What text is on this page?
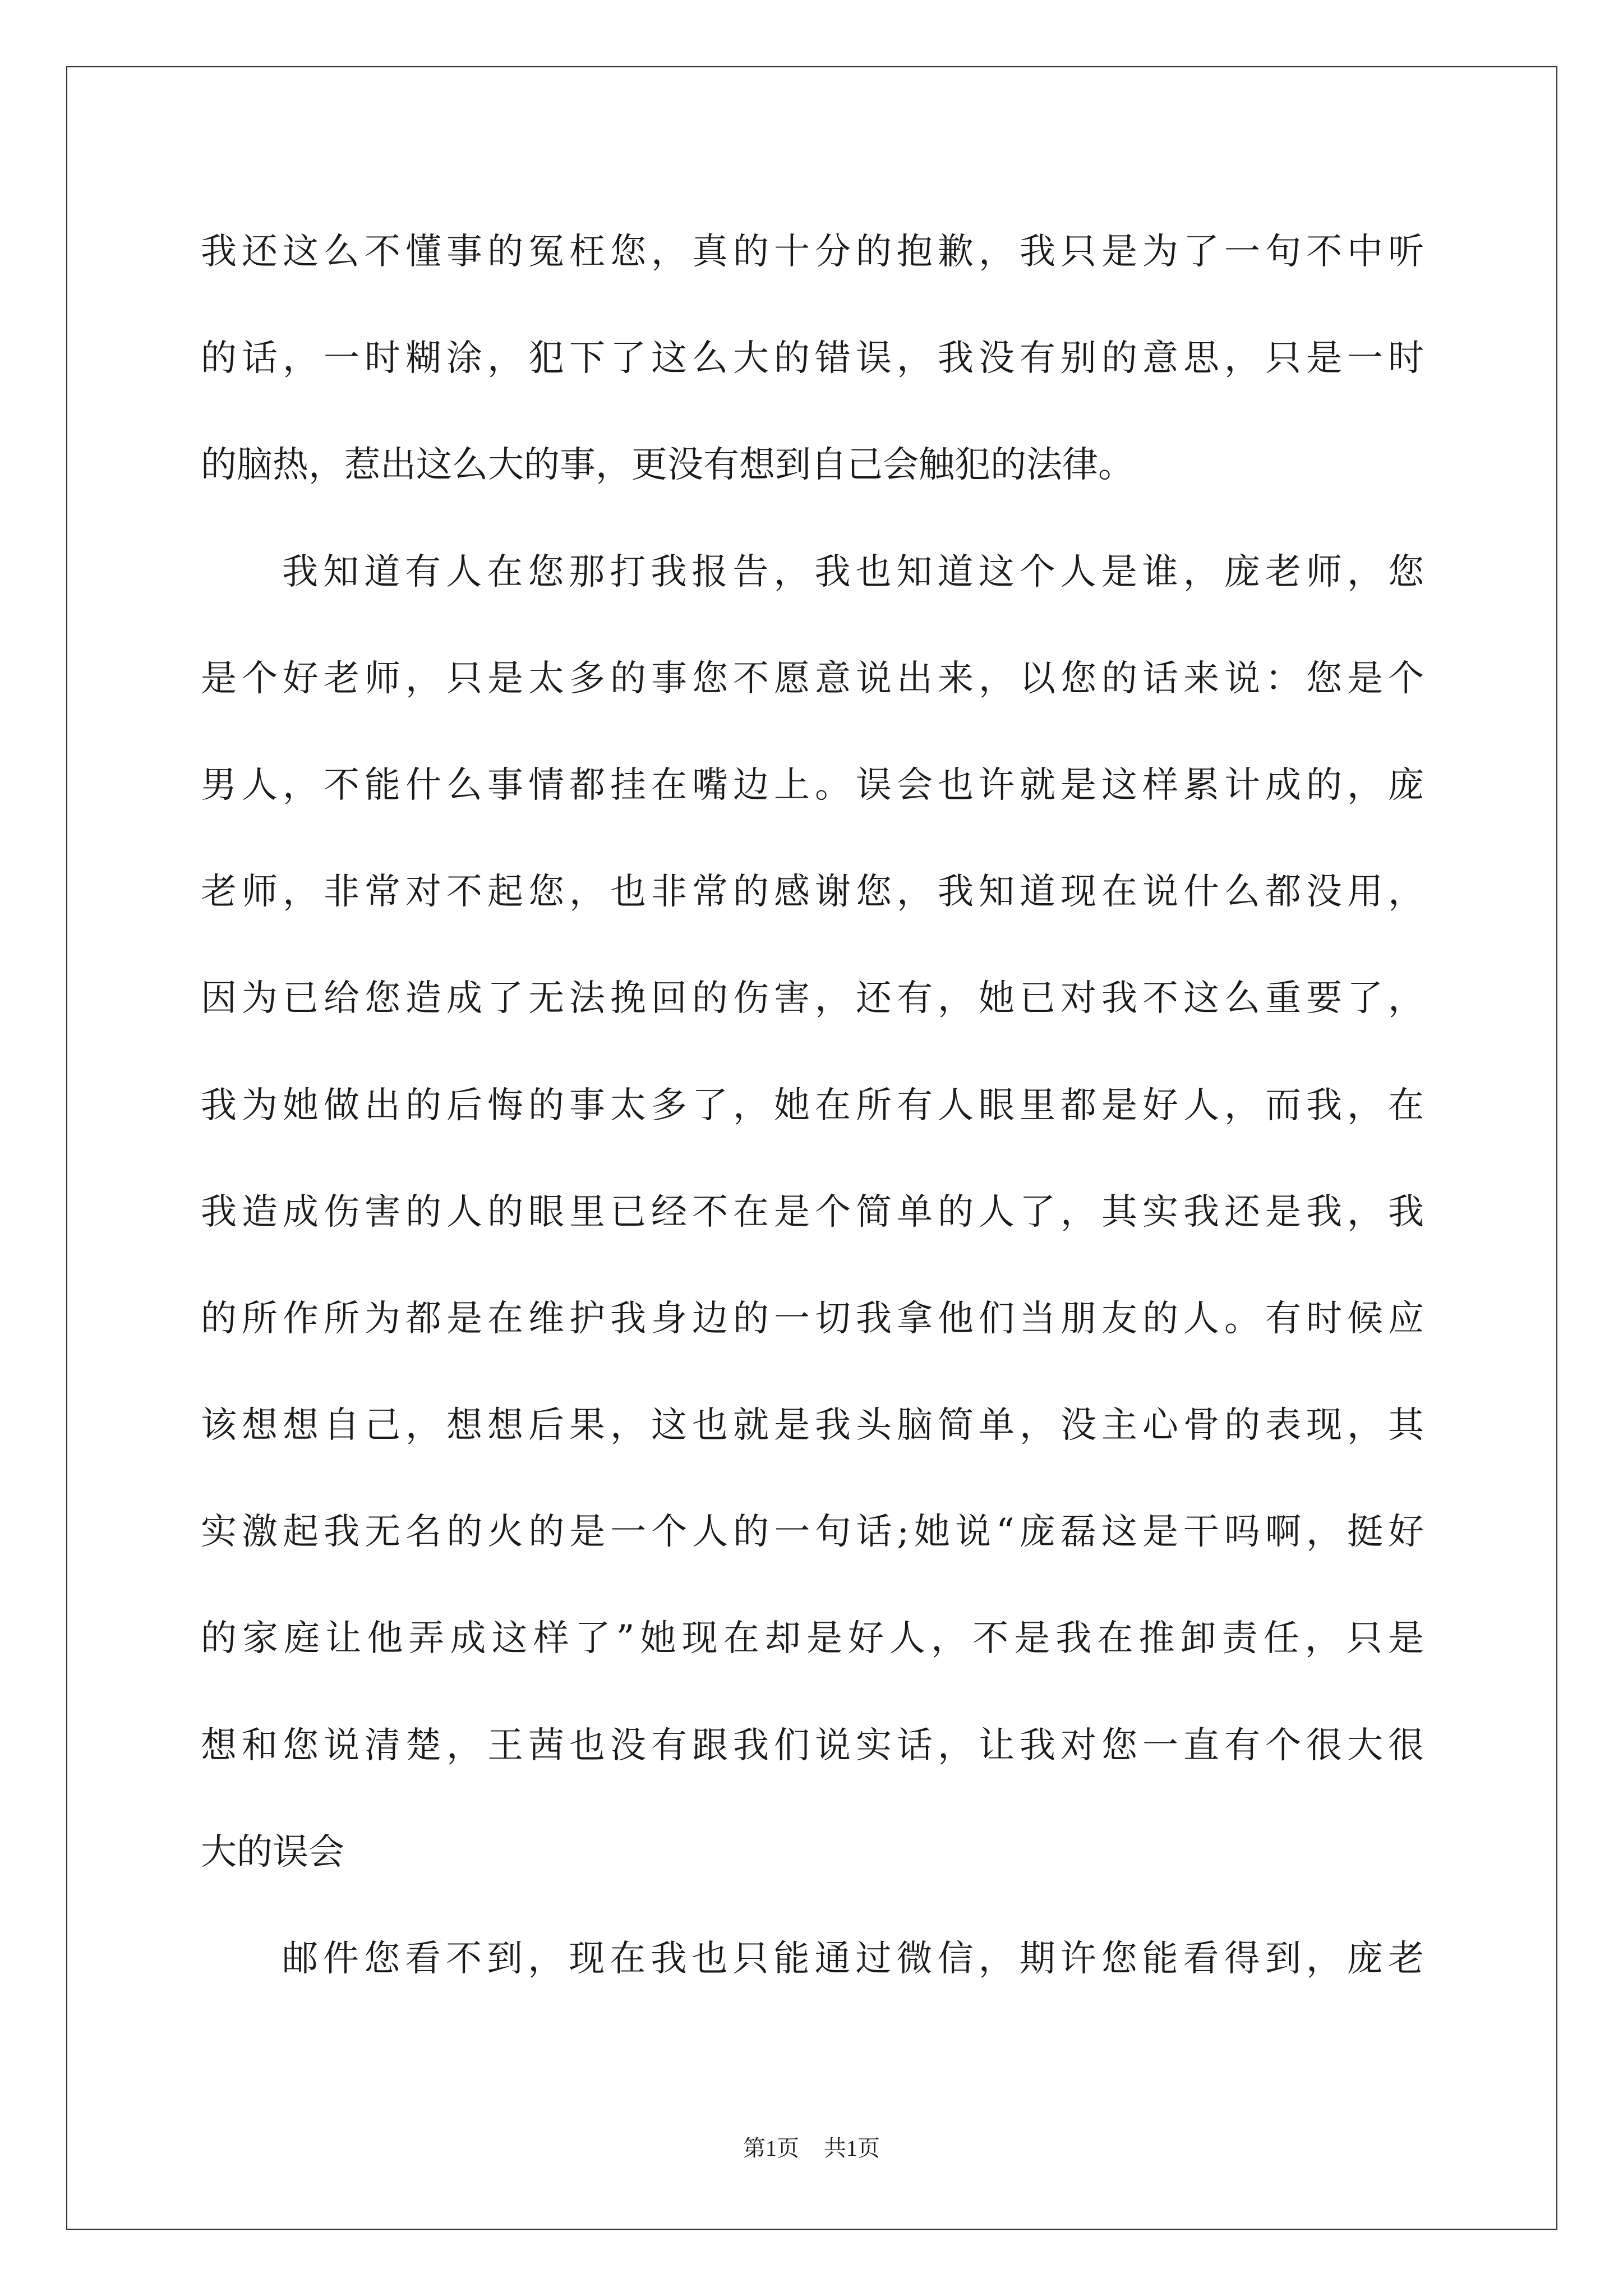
我还这么不懂事的冤枉您，真的十分的抱歉，我只是为了一句不中听
的话，一时糊涂，犯下了这么大的错误，我没有别的意思，只是一时
的脑热，惹出这么大的事，更没有想到自己会触犯的法律。
我知道有人在您那打我报告，我也知道这个人是谁，庞老师，您
是个好老师，只是太多的事您不愿意说出来，以您的话来说：您是个
男人，不能什么事情都挂在嘴边上。误会也许就是这样累计成的，庞
老师，非常对不起您，也非常的感谢您，我知道现在说什么都没用，
因为已给您造成了无法挽回的伤害，还有，她已对我不这么重要了，
我为她做出的后悔的事太多了，她在所有人眼里都是好人，而我，在
我造成伤害的人的眼里已经不在是个简单的人了，其实我还是我，我
的所作所为都是在维护我身边的一切我拿他们当朋友的人。有时候应
该想想自己，想想后果，这也就是我头脑简单，没主心骨的表现，其
实激起我无名的火的是一个人的一句话;她说“庞磊这是干吗啊，挺好
的家庭让他弄成这样了”她现在却是好人，不是我在推卸责任，只是
想和您说清楚，王茜也没有跟我们说实话，让我对您一直有个很大很
大的误会
邮件您看不到，现在我也只能通过微信，期许您能看得到，庞老
第1页 共1页
